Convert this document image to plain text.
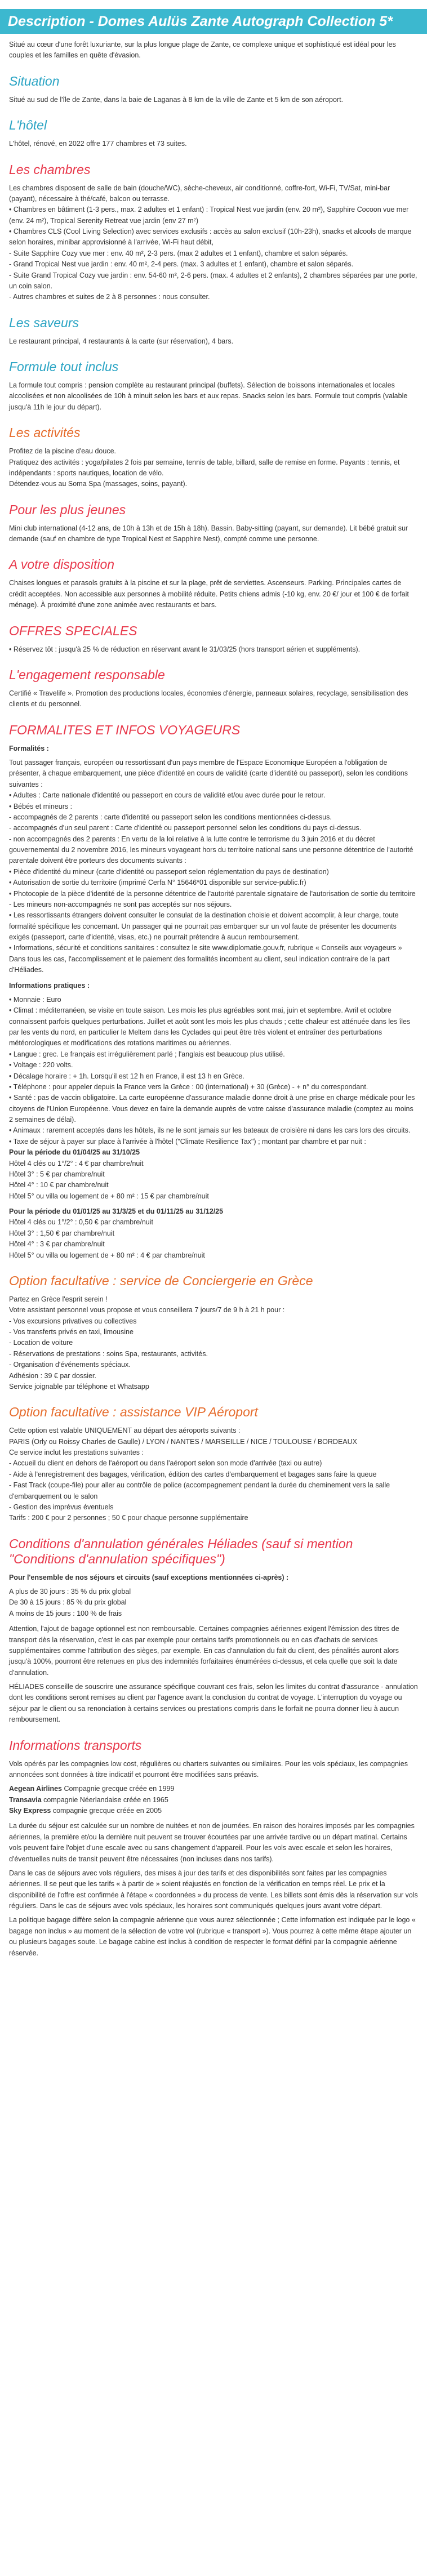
Description - Domes Aulüs Zante Autograph Collection 5*

Situé au cœur d'une forêt luxuriante, sur la plus longue plage de Zante, ce complexe unique et sophistiqué est idéal pour les couples et les familles en quête d'évasion.

Situation

Situé au sud de l'île de Zante, dans la baie de Laganas à 8 km de la ville de Zante et 5 km de son aéroport.

L'hôtel

L'hôtel, rénové, en 2022 offre 177 chambres et 73 suites.

Les chambres
Les chambres disposent de salle de bain (douche/WC), sèche-cheveux, air conditionné, coffre-fort, Wi-Fi, TV/Sat, mini-bar (payant), nécessaire à thé/café, balcon ou terrasse.
• Chambres en bâtiment (1-3 pers., max. 2 adultes et 1 enfant) : Tropical Nest vue jardin (env. 20 m²), Sapphire Cocoon vue mer (env. 24 m²), Tropical Serenity Retreat vue jardin (env 27 m²)
• Chambres CLS (Cool Living Selection) avec services exclusifs : accès au salon exclusif (10h-23h), snacks et alcools de marque selon horaires, minibar approvisionné à l'arrivée, Wi-Fi haut débit,
- Suite Sapphire Cozy vue mer : env. 40 m², 2-3 pers. (max 2 adultes et 1 enfant), chambre et salon séparés.
- Grand Tropical Nest vue jardin : env. 40 m², 2-4 pers. (max. 3 adultes et 1 enfant), chambre et salon séparés.
- Suite Grand Tropical Cozy vue jardin : env. 54-60 m², 2-6 pers. (max. 4 adultes et 2 enfants), 2 chambres séparées par une porte, un coin salon.
- Autres chambres et suites de 2 à 8 personnes : nous consulter.
Les saveurs

Le restaurant principal, 4 restaurants à la carte (sur réservation), 4 bars.

Formule tout inclus

La formule tout compris : pension complète au restaurant principal (buffets). Sélection de boissons internationales et locales alcoolisées et non alcoolisées de 10h à minuit selon les bars et aux repas. Snacks selon les bars. Formule tout compris (valable jusqu'à 11h le jour du départ).

Les activités
Profitez de la piscine d'eau douce.
Pratiquez des activités : yoga/pilates 2 fois par semaine, tennis de table, billard, salle de remise en forme. Payants : tennis, et indépendants : sports nautiques, location de vélo.
Détendez-vous au Soma Spa (massages, soins, payant).
Pour les plus jeunes

Mini club international (4-12 ans, de 10h à 13h et de 15h à 18h). Bassin. Baby-sitting (payant, sur demande). Lit bébé gratuit sur demande (sauf en chambre de type Tropical Nest et Sapphire Nest), compté comme une personne.

A votre disposition

Chaises longues et parasols gratuits à la piscine et sur la plage, prêt de serviettes. Ascenseurs. Parking. Principales cartes de crédit acceptées. Non accessible aux personnes à mobilité réduite. Petits chiens admis (-10 kg, env. 20 €/ jour et 100 € de forfait ménage). À proximité d'une zone animée avec restaurants et bars.

OFFRES SPECIALES

• Réservez tôt : jusqu'à 25 % de réduction en réservant avant le 31/03/25 (hors transport aérien et suppléments).

L'engagement responsable

Certifié « Travelife ». Promotion des productions locales, économies d'énergie, panneaux solaires, recyclage, sensibilisation des clients et du personnel.

FORMALITES ET INFOS VOYAGEURS

Formalités :

Tout passager français, européen ou ressortissant d'un pays membre de l'Espace Economique Européen a l'obligation de présenter, à chaque embarquement, une pièce d'identité en cours de validité (carte d'identité ou passeport), selon les conditions suivantes :
• Adultes : Carte nationale d'identité ou passeport en cours de validité et/ou avec durée pour le retour.
• Bébés et mineurs :
- accompagnés de 2 parents : carte d'identité ou passeport selon les conditions mentionnées ci-dessus.
- accompagnés d'un seul parent : Carte d'identité ou passeport personnel selon les conditions du pays ci-dessus.
- non accompagnés des 2 parents : En vertu de la loi relative à la lutte contre le terrorisme du 3 juin 2016 et du décret gouvernemental du 2 novembre 2016, les mineurs voyageant hors du territoire national sans une personne détentrice de l'autorité parentale doivent être porteurs des documents suivants :
• Pièce d'identité du mineur (carte d'identité ou passeport selon réglementation du pays de destination)
• Autorisation de sortie du territoire (imprimé Cerfa N° 15646*01 disponible sur service-public.fr)
• Photocopie de la pièce d'identité de la personne détentrice de l'autorité parentale signataire de l'autorisation de sortie du territoire
- Les mineurs non-accompagnés ne sont pas acceptés sur nos séjours.
• Les ressortissants étrangers doivent consulter le consulat de la destination choisie et doivent accomplir, à leur charge, toute formalité spécifique les concernant. Un passager qui ne pourrait pas embarquer sur un vol faute de présenter les documents exigés (passeport, carte d'identité, visas, etc.) ne pourrait prétendre à aucun remboursement.
• Informations, sécurité et conditions sanitaires : consultez le site www.diplomatie.gouv.fr, rubrique « Conseils aux voyageurs »
Dans tous les cas, l'accomplissement et le paiement des formalités incombent au client, seul indication contraire de la part d'Héliades.

Informations pratiques :

• Monnaie : Euro
• Climat : méditerranéen, se visite en toute saison. Les mois les plus agréables sont mai, juin et septembre. Avril et octobre connaissent parfois quelques perturbations. Juillet et août sont les mois les plus chauds ; cette chaleur est atténuée dans les îles par les vents du nord, en particulier le Meltem dans les Cyclades qui peut être très violent et entraîner des perturbations météorologiques et modifications des rotations maritimes ou aériennes.
• Langue : grec. Le français est irrégulièrement parlé ; l'anglais est beaucoup plus utilisé.
• Voltage : 220 volts.
• Décalage horaire : + 1h. Lorsqu'il est 12 h en France, il est 13 h en Grèce.
• Téléphone : pour appeler depuis la France vers la Grèce : 00 (international) + 30 (Grèce) - + n° du correspondant.
• Santé : pas de vaccin obligatoire. La carte européenne d'assurance maladie donne droit à une prise en charge médicale pour les citoyens de l'Union Européenne. Vous devez en faire la demande auprès de votre caisse d'assurance maladie (comptez au moins 2 semaines de délai).
• Animaux : rarement acceptés dans les hôtels, ils ne le sont jamais sur les bateaux de croisière ni dans les cars lors des circuits.
• Taxe de séjour à payer sur place à l'arrivée à l'hôtel ("Climate Resilience Tax") ; montant par chambre et par nuit :
Pour la période du 01/04/25 au 31/10/25
Hôtel 4 clés ou 1°/2° : 4 € par chambre/nuit
Hôtel 3° : 5 € par chambre/nuit
Hôtel 4° : 10 € par chambre/nuit
Hôtel 5° ou villa ou logement de + 80 m² : 15 € par chambre/nuit
Pour la période du 01/01/25 au 31/3/25 et du 01/11/25 au 31/12/25
Hôtel 4 clés ou 1°/2° : 0,50 € par chambre/nuit
Hôtel 3° : 1,50 € par chambre/nuit
Hôtel 4° : 3 € par chambre/nuit
Hôtel 5° ou villa ou logement de + 80 m² : 4 € par chambre/nuit
Option facultative : service de Conciergerie en Grèce
Partez en Grèce l'esprit serein !
Votre assistant personnel vous propose et vous conseillera 7 jours/7 de 9 h à 21 h pour :
- Vos excursions privatives ou collectives
- Vos transferts privés en taxi, limousine
- Location de voiture
- Réservations de prestations : soins Spa, restaurants, activités.
- Organisation d'événements spéciaux.
Adhésion : 39 € par dossier.
Service joignable par téléphone et Whatsapp
Option facultative : assistance VIP Aéroport
Cette option est valable UNIQUEMENT au départ des aéroports suivants :
PARIS (Orly ou Roissy Charles de Gaulle) / LYON / NANTES / MARSEILLE / NICE / TOULOUSE / BORDEAUX
Ce service inclut les prestations suivantes :
- Accueil du client en dehors de l'aéroport ou dans l'aéroport selon son mode d'arrivée (taxi ou autre)
- Aide à l'enregistrement des bagages, vérification, édition des cartes d'embarquement et bagages sans faire la queue
- Fast Track (coupe-file) pour aller au contrôle de police (accompagnement pendant la durée du cheminement vers la salle d'embarquement ou le salon
- Gestion des imprévus éventuels
Tarifs : 200 € pour 2 personnes ; 50 € pour chaque personne supplémentaire
Conditions d'annulation générales Héliades (sauf si mention "Conditions d'annulation spécifiques")

Pour l'ensemble de nos séjours et circuits (sauf exceptions mentionnées ci-après) :

A plus de 30 jours : 35 % du prix global
De 30 à 15 jours : 85 % du prix global
A moins de 15 jours : 100 % de frais

Attention, l'ajout de bagage optionnel est non remboursable. Certaines compagnies aériennes exigent l'émission des titres de transport dès la réservation, c'est le cas par exemple pour certains tarifs promotionnels ou en cas d'achats de services supplémentaires comme l'attribution des sièges, par exemple. En cas d'annulation du fait du client, des pénalités auront alors jusqu'à 100%, pourront être retenues en plus des indemnités forfaitaires énumérées ci-dessus, et cela quelle que soit la date d'annulation.

HÉLIADES conseille de souscrire une assurance spécifique couvrant ces frais, selon les limites du contrat d'assurance - annulation dont les conditions seront remises au client par l'agence avant la conclusion du contrat de voyage. L'interruption du voyage ou séjour par le client ou sa renonciation à certains services ou prestations compris dans le forfait ne pourra donner lieu à aucun remboursement.

Informations transports

Vols opérés par les compagnies low cost, régulières ou charters suivantes ou similaires. Pour les vols spéciaux, les compagnies annoncées sont données à titre indicatif et pourront être modifiées sans préavis.

Aegean Airlines Compagnie grecque créée en 1999
Transavia compagnie Néerlandaise créée en 1965
Sky Express compagnie grecque créée en 2005

La durée du séjour est calculée sur un nombre de nuitées et non de journées. En raison des horaires imposés par les compagnies aériennes, la première et/ou la dernière nuit peuvent se trouver écourtées par une arrivée tardive ou un départ matinal. Certains vols peuvent faire l'objet d'une escale avec ou sans changement d'appareil. Pour les vols avec escale et selon les horaires, d'éventuelles nuits de transit peuvent être nécessaires (non incluses dans nos tarifs).

Dans le cas de séjours avec vols réguliers, des mises à jour des tarifs et des disponibilités sont faites par les compagnies aériennes. Il se peut que les tarifs « à partir de » soient réajustés en fonction de la vérification en temps réel. Le prix et la disponibilité de l'offre est confirmée à l'étape « coordonnées » du process de vente. Les billets sont émis dès la réservation sur vols réguliers. Dans le cas de séjours avec vols spéciaux, les horaires sont communiqués quelques jours avant votre départ.

La politique bagage diffère selon la compagnie aérienne que vous aurez sélectionnée ; Cette information est indiquée par le logo « bagage non inclus » au moment de la sélection de votre vol (rubrique « transport »). Vous pourrez à cette même étape ajouter un ou plusieurs bagages soute. Le bagage cabine est inclus à condition de respecter le format défini par la compagnie aérienne réservée.
